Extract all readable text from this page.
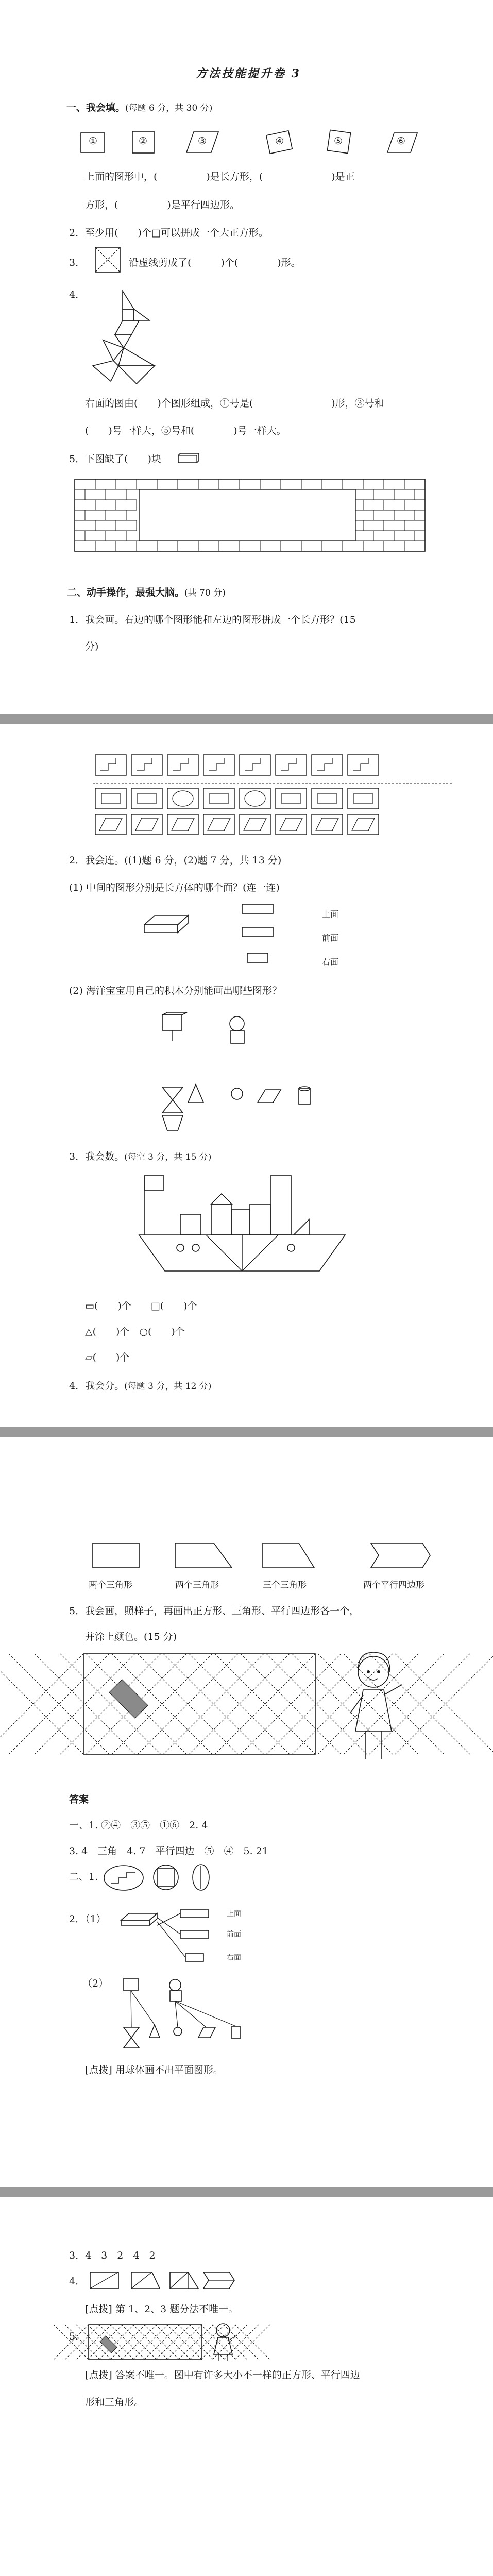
方法技能提升卷 3
一、我会填。(每题 6 分，共 30 分)
①	②	③	④	⑤	⑥
上面的图形中，(　　　　　)是长方形，(　　　　　　　)是正
方形，(　　　　　)是平行四边形。
2．至少用(　　)个□可以拼成一个大正方形。
3．	沿虚线剪成了(　　　)个(　　　　)形。
4．
右面的图由(　　)个图形组成，①号是(　　　　　　　　)形，③号和
(　　)号一样大，⑤号和(　　　　)号一样大。
5．下图缺了(　　)块
二、动手操作，最强大脑。(共 70 分)
1．我会画。右边的哪个图形能和左边的图形拼成一个长方形？(15
分)
2．我会连。((1)题 6 分，(2)题 7 分，共 13 分)
(1) 中间的图形分别是长方体的哪个面？(连一连)
上面
前面
右面
(2) 海洋宝宝用自己的积木分别能画出哪些图形？
3．我会数。(每空 3 分，共 15 分)
▭(　　)个　　□(　　)个
△(　　)个　○(　　)个
▱(　　)个
4．我会分。(每题 3 分，共 12 分)
两个三角形	两个三角形	三个三角形	两个平行四边形
5．我会画，照样子，再画出正方形、三角形、平行四边形各一个，
并涂上颜色。(15 分)
答案
一、1. ②④　③⑤　①⑥　2. 4
3. 4　三角　4. 7　平行四边　⑤　④　5. 21
二、1.
2．（1）	上面
前面
右面
（2）
[点拨] 用球体画不出平面图形。
3．4　3　2　4　2
4．
[点拨] 第 1、2、3 题分法不唯一。
5．
[点拨] 答案不唯一。图中有许多大小不一样的正方形、平行四边
形和三角形。
